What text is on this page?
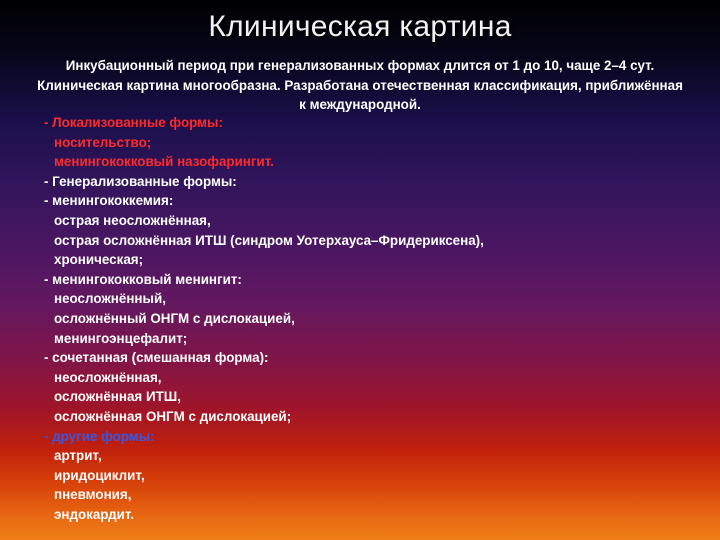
Клиническая картина
Инкубационный период при генерализованных формах длится от 1 до 10, чаще 2–4 сут. Клиническая картина многообразна. Разработана отечественная классификация, приближённая к международной.
- Локализованные формы:
носительство;
менингококковый назофарингит.
- Генерализованные формы:
- менингококкемия:
острая неосложнённая,
острая осложнённая ИТШ (синдром Уотерхауса–Фридериксена),
хроническая;
- менингококковый менингит:
неосложнённый,
осложнённый ОНГМ с дислокацией,
менингоэнцефалит;
- сочетанная (смешанная форма):
неосложнённая,
осложнённая ИТШ,
осложнённая ОНГМ с дислокацией;
- другие формы:
артрит,
иридоциклит,
пневмония,
эндокардит.
